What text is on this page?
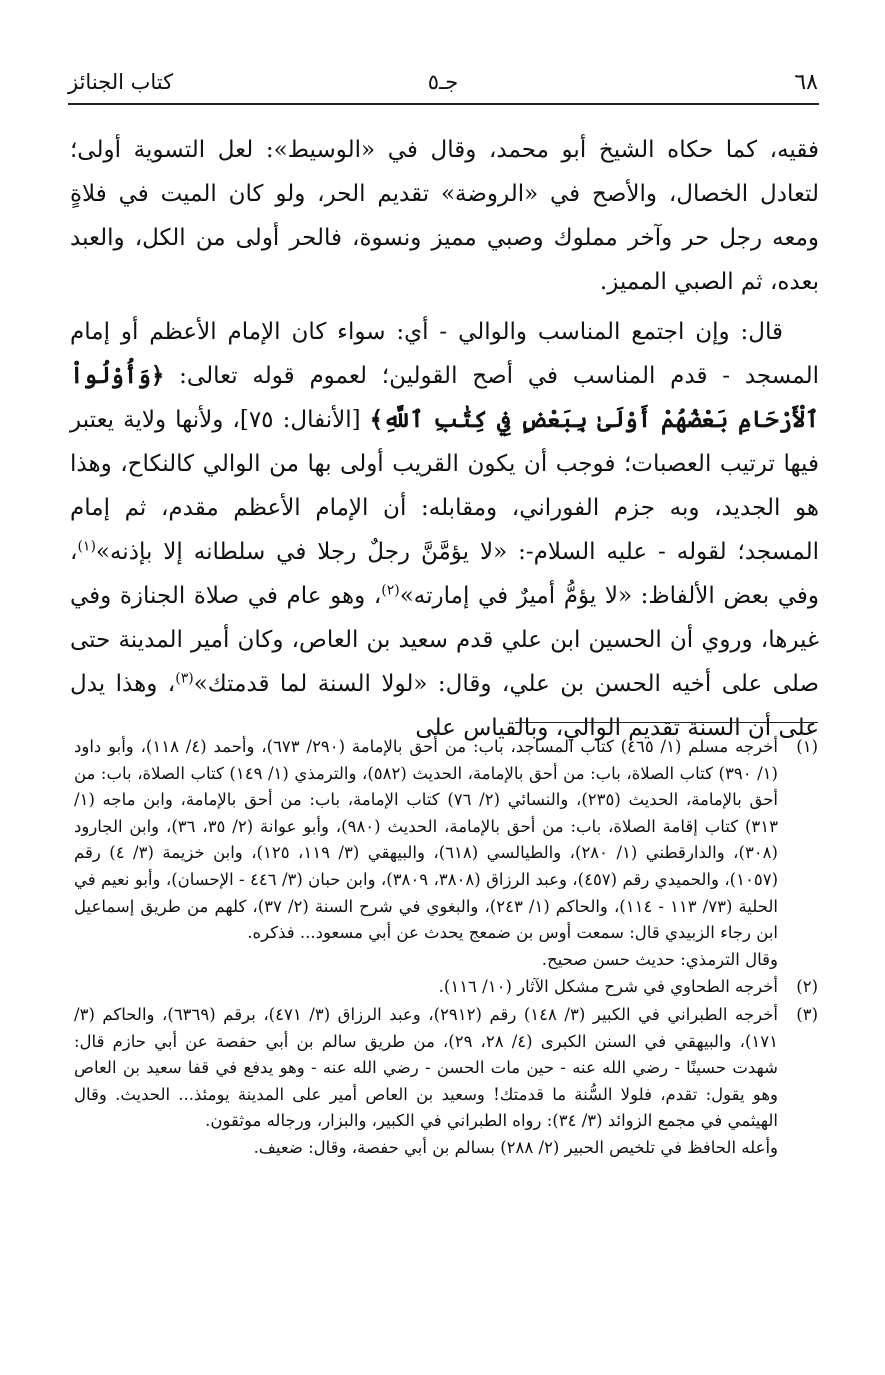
٦٨
جـ٥
كتاب الجنائز

فقيه، كما حكاه الشيخ أبو محمد، وقال في «الوسيط»: لعل التسوية أولى؛ لتعادل الخصال، والأصح في «الروضة» تقديم الحر، ولو كان الميت في فلاةٍ ومعه رجل حر وآخر مملوك وصبي مميز ونسوة، فالحر أولى من الكل، والعبد بعده، ثم الصبي المميز.

قال: وإن اجتمع المناسب والوالي - أي: سواء كان الإمام الأعظم أو إمام المسجد - قدم المناسب في أصح القولين؛ لعموم قوله تعالى: ﴿وَأُوْلُواْ ٱلْأَرْحَامِ بَعْضُهُمْ أَوْلَىٰ بِبَعْضٍ فِي كِتَٰبِ ٱللَّهِ﴾ [الأنفال: ٧٥]، ولأنها ولاية يعتبر فيها ترتيب العصبات؛ فوجب أن يكون القريب أولى بها من الوالي كالنكاح، وهذا هو الجديد، وبه جزم الفوراني، ومقابله: أن الإمام الأعظم مقدم، ثم إمام المسجد؛ لقوله - عليه السلام-: «لا يؤمَّنَّ رجلٌ رجلا في سلطانه إلا بإذنه»$^{(١)}$، وفي بعض الألفاظ: «لا يؤمُّ أميرٌ في إمارته»$^{(٢)}$، وهو عام في صلاة الجنازة وفي غيرها، وروي أن الحسين ابن علي قدم سعيد بن العاص، وكان أمير المدينة حتى صلى على أخيه الحسن بن علي، وقال: «لولا السنة لما قدمتك»$^{(٣)}$، وهذا يدل على أن السنة تقديم الوالي، وبالقياس على

(١)
أخرجه مسلم (١/ ٤٦٥) كتاب المساجد، باب: من أحق بالإمامة (٢٩٠/ ٦٧٣)، وأحمد (٤/ ١١٨)، وأبو داود (١/ ٣٩٠) كتاب الصلاة، باب: من أحق بالإمامة، الحديث (٥٨٢)، والترمذي (١/ ١٤٩) كتاب الصلاة، باب: من أحق بالإمامة، الحديث (٢٣٥)، والنسائي (٢/ ٧٦) كتاب الإمامة، باب: من أحق بالإمامة، وابن ماجه (١/ ٣١٣) كتاب إقامة الصلاة، باب: من أحق بالإمامة، الحديث (٩٨٠)، وأبو عوانة (٢/ ٣٥، ٣٦)، وابن الجارود (٣٠٨)، والدارقطني (١/ ٢٨٠)، والطيالسي (٦١٨)، والبيهقي (٣/ ١١٩، ١٢٥)، وابن خزيمة (٣/ ٤) رقم (١٠٥٧)، والحميدي رقم (٤٥٧)، وعبد الرزاق (٣٨٠٨، ٣٨٠٩)، وابن حبان (٣/ ٤٤٦ - الإحسان)، وأبو نعيم في الحلية (٧٣/ ١١٣ - ١١٤)، والحاكم (١/ ٢٤٣)، والبغوي في شرح السنة (٢/ ٣٧)، كلهم من طريق إسماعيل ابن رجاء الزبيدي قال: سمعت أوس بن ضمعج يحدث عن أبي مسعود... فذكره.
وقال الترمذي: حديث حسن صحيح.

(٢)
أخرجه الطحاوي في شرح مشكل الآثار (١٠/ ١١٦).

(٣)
أخرجه الطبراني في الكبير (٣/ ١٤٨) رقم (٢٩١٢)، وعبد الرزاق (٣/ ٤٧١)، برقم (٦٣٦٩)، والحاكم (٣/ ١٧١)، والبيهقي في السنن الكبرى (٤/ ٢٨، ٢٩)، من طريق سالم بن أبي حفصة عن أبي حازم قال: شهدت حسينًا - رضي الله عنه - حين مات الحسن - رضي الله عنه - وهو يدفع في قفا سعيد بن العاص وهو يقول: تقدم، فلولا السُّنة ما قدمتك! وسعيد بن العاص أمير على المدينة يومئذ... الحديث. وقال الهيثمي في مجمع الزوائد (٣/ ٣٤): رواه الطبراني في الكبير، والبزار، ورجاله موثقون.
وأعله الحافظ في تلخيص الحبير (٢/ ٢٨٨) بسالم بن أبي حفصة، وقال: ضعيف.
